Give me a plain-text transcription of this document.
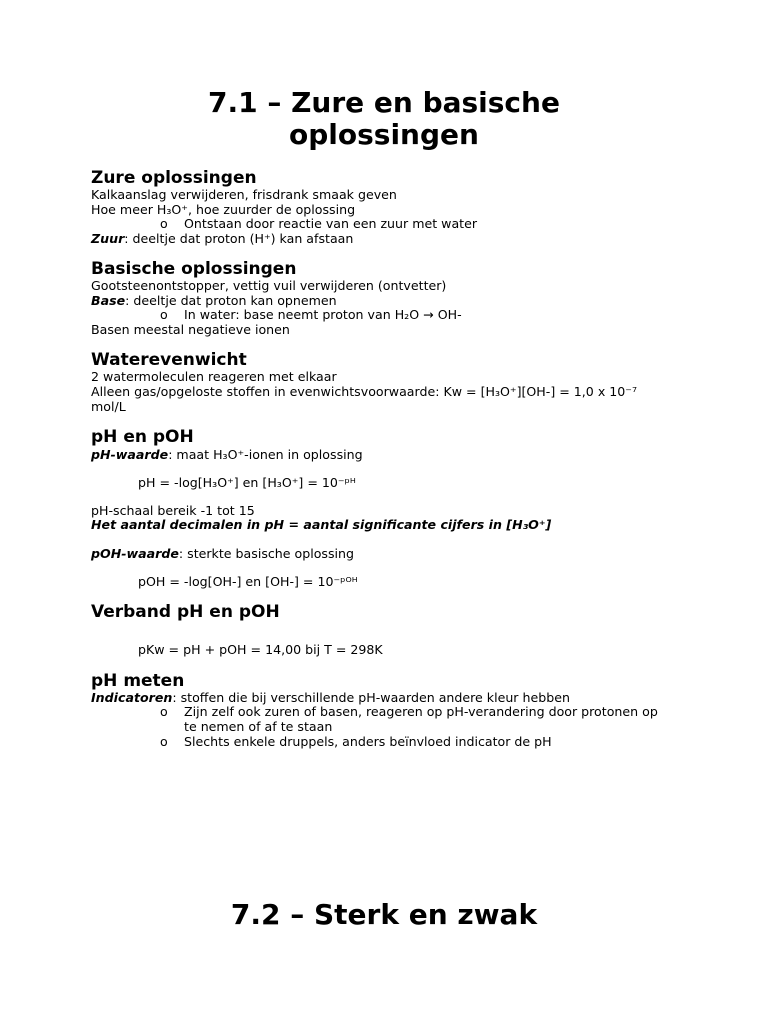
7.1 – Zure en basische
oplossingen
Zure oplossingen
Kalkaanslag verwijderen, frisdrank smaak geven
Hoe meer H₃O⁺, hoe zuurder de oplossing
o Ontstaan door reactie van een zuur met water
Zuur: deeltje dat proton (H⁺) kan afstaan
Basische oplossingen
Gootsteenontstopper, vettig vuil verwijderen (ontvetter)
Base: deeltje dat proton kan opnemen
o In water: base neemt proton van H₂O → OH-
Basen meestal negatieve ionen
Waterevenwicht
2 watermoleculen reageren met elkaar
Alleen gas/opgeloste stoffen in evenwichtsvoorwaarde: Kw = [H₃O⁺][OH-] = 1,0 x 10⁻⁷
mol/L
pH en pOH
pH-waarde: maat H₃O⁺-ionen in oplossing
pH = -log[H₃O⁺] en [H₃O⁺] = 10⁻ᵖᴴ
pH-schaal bereik -1 tot 15
Het aantal decimalen in pH = aantal significante cijfers in [H₃O⁺]
pOH-waarde: sterkte basische oplossing
pOH = -log[OH-] en [OH-] = 10⁻ᵖᴼᴴ
Verband pH en pOH
pKw = pH + pOH = 14,00 bij T = 298K
pH meten
Indicatoren: stoffen die bij verschillende pH-waarden andere kleur hebben
o Zijn zelf ook zuren of basen, reageren op pH-verandering door protonen op
te nemen of af te staan
o Slechts enkele druppels, anders beïnvloed indicator de pH
7.2 – Sterk en zwak
